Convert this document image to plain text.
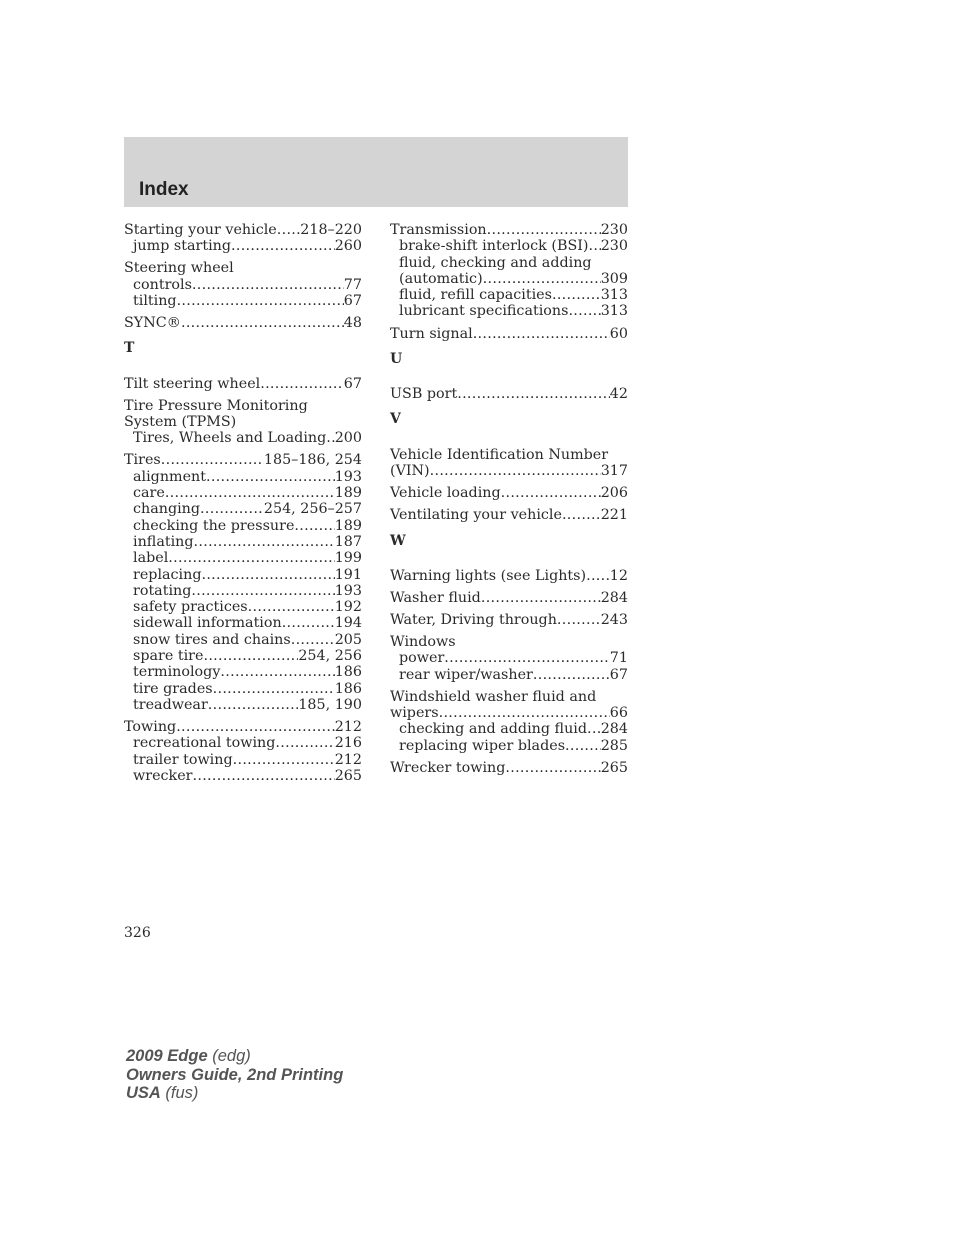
Index
Starting your vehicle ..... 218–220
jump starting .....	260
Steering wheel
controls .....	77
tilting .....	67
SYNC® .....	48
T
Tilt steering wheel .....	67
Tire Pressure Monitoring
System (TPMS)
Tires, Wheels and Loading ..... 200
Tires .....	185–186, 254
alignment .....	193
care .....	189
changing .....	254, 256–257
checking the pressure .....	189
inflating .....	187
label .....	199
replacing .....	191
rotating .....	193
safety practices .....	192
sidewall information .....	194
snow tires and chains .....	205
spare tire .....	254, 256
terminology .....	186
tire grades .....	186
treadwear .....	185, 190
Towing .....	212
recreational towing .....	216
trailer towing .....	212
wrecker .....	265
Transmission .....	230
brake-shift interlock (BSI) ..... 230
fluid, checking and adding
(automatic) .....	309
fluid, refill capacities .....	313
lubricant specifications ..... 313
Turn signal .....	60
U
USB port .....	42
V
Vehicle Identification Number
(VIN) .....	317
Vehicle loading .....	206
Ventilating your vehicle .....	221
W
Warning lights (see Lights) ..... 12
Washer fluid .....	284
Water, Driving through .....	243
Windows
power .....	71
rear wiper/washer .....	67
Windshield washer fluid and
wipers .....	66
checking and adding fluid ..... 284
replacing wiper blades ..... 285
Wrecker towing .....	265
326
2009 Edge (edg)
Owners Guide, 2nd Printing
USA (fus)
